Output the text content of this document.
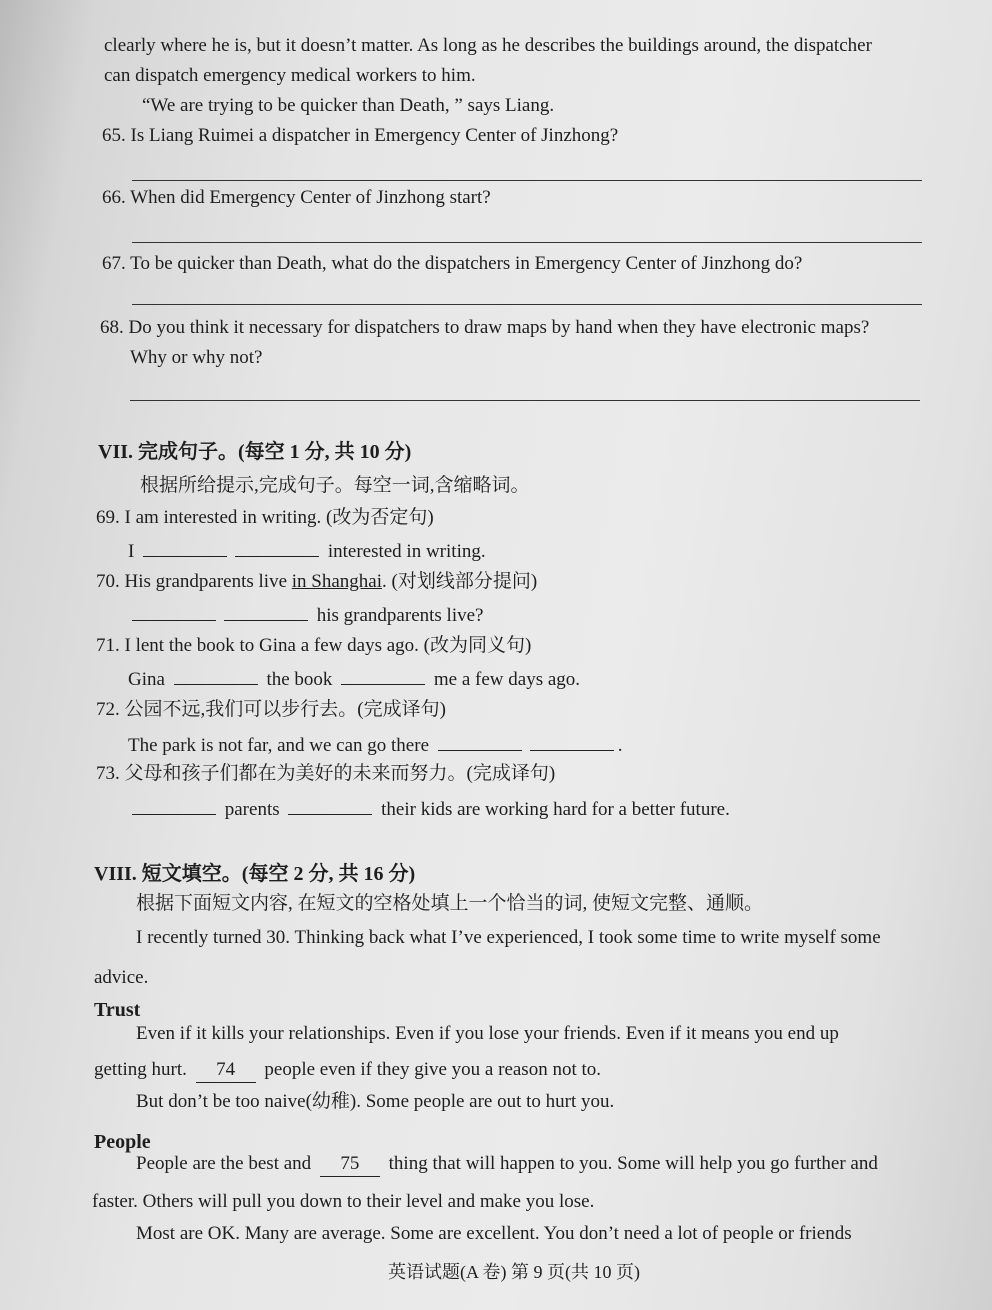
clearly where he is, but it doesn’t matter. As long as he describes the buildings around, the dispatcher
can dispatch emergency medical workers to him.
“We are trying to be quicker than Death, ” says Liang.
65. Is Liang Ruimei a dispatcher in Emergency Center of Jinzhong?
66. When did Emergency Center of Jinzhong start?
67. To be quicker than Death, what do the dispatchers in Emergency Center of Jinzhong do?
68. Do you think it necessary for dispatchers to draw maps by hand when they have electronic maps?
Why or why not?
VII. 完成句子。(每空 1 分, 共 10 分)
根据所给提示,完成句子。每空一词,含缩略词。
69. I am interested in writing. (改为否定句)
I	interested in writing.
70. His grandparents live in Shanghai. (对划线部分提问)
his grandparents live?
71. I lent the book to Gina a few days ago. (改为同义句)
Gina	the book	me a few days ago.
72. 公园不远,我们可以步行去。(完成译句)
The park is not far, and we can go there	.
73. 父母和孩子们都在为美好的未来而努力。(完成译句)
parents	their kids are working hard for a better future.
VIII. 短文填空。(每空 2 分, 共 16 分)
根据下面短文内容, 在短文的空格处填上一个恰当的词, 使短文完整、通顺。
I recently turned 30. Thinking back what I’ve experienced, I took some time to write myself some
advice.
Trust
Even if it kills your relationships. Even if you lose your friends. Even if it means you end up
getting hurt. 74 people even if they give you a reason not to.
But don’t be too naive(幼稚). Some people are out to hurt you.
People
People are the best and 75 thing that will happen to you. Some will help you go further and
faster. Others will pull you down to their level and make you lose.
Most are OK. Many are average. Some are excellent. You don’t need a lot of people or friends
英语试题(A 卷) 第 9 页(共 10 页)
